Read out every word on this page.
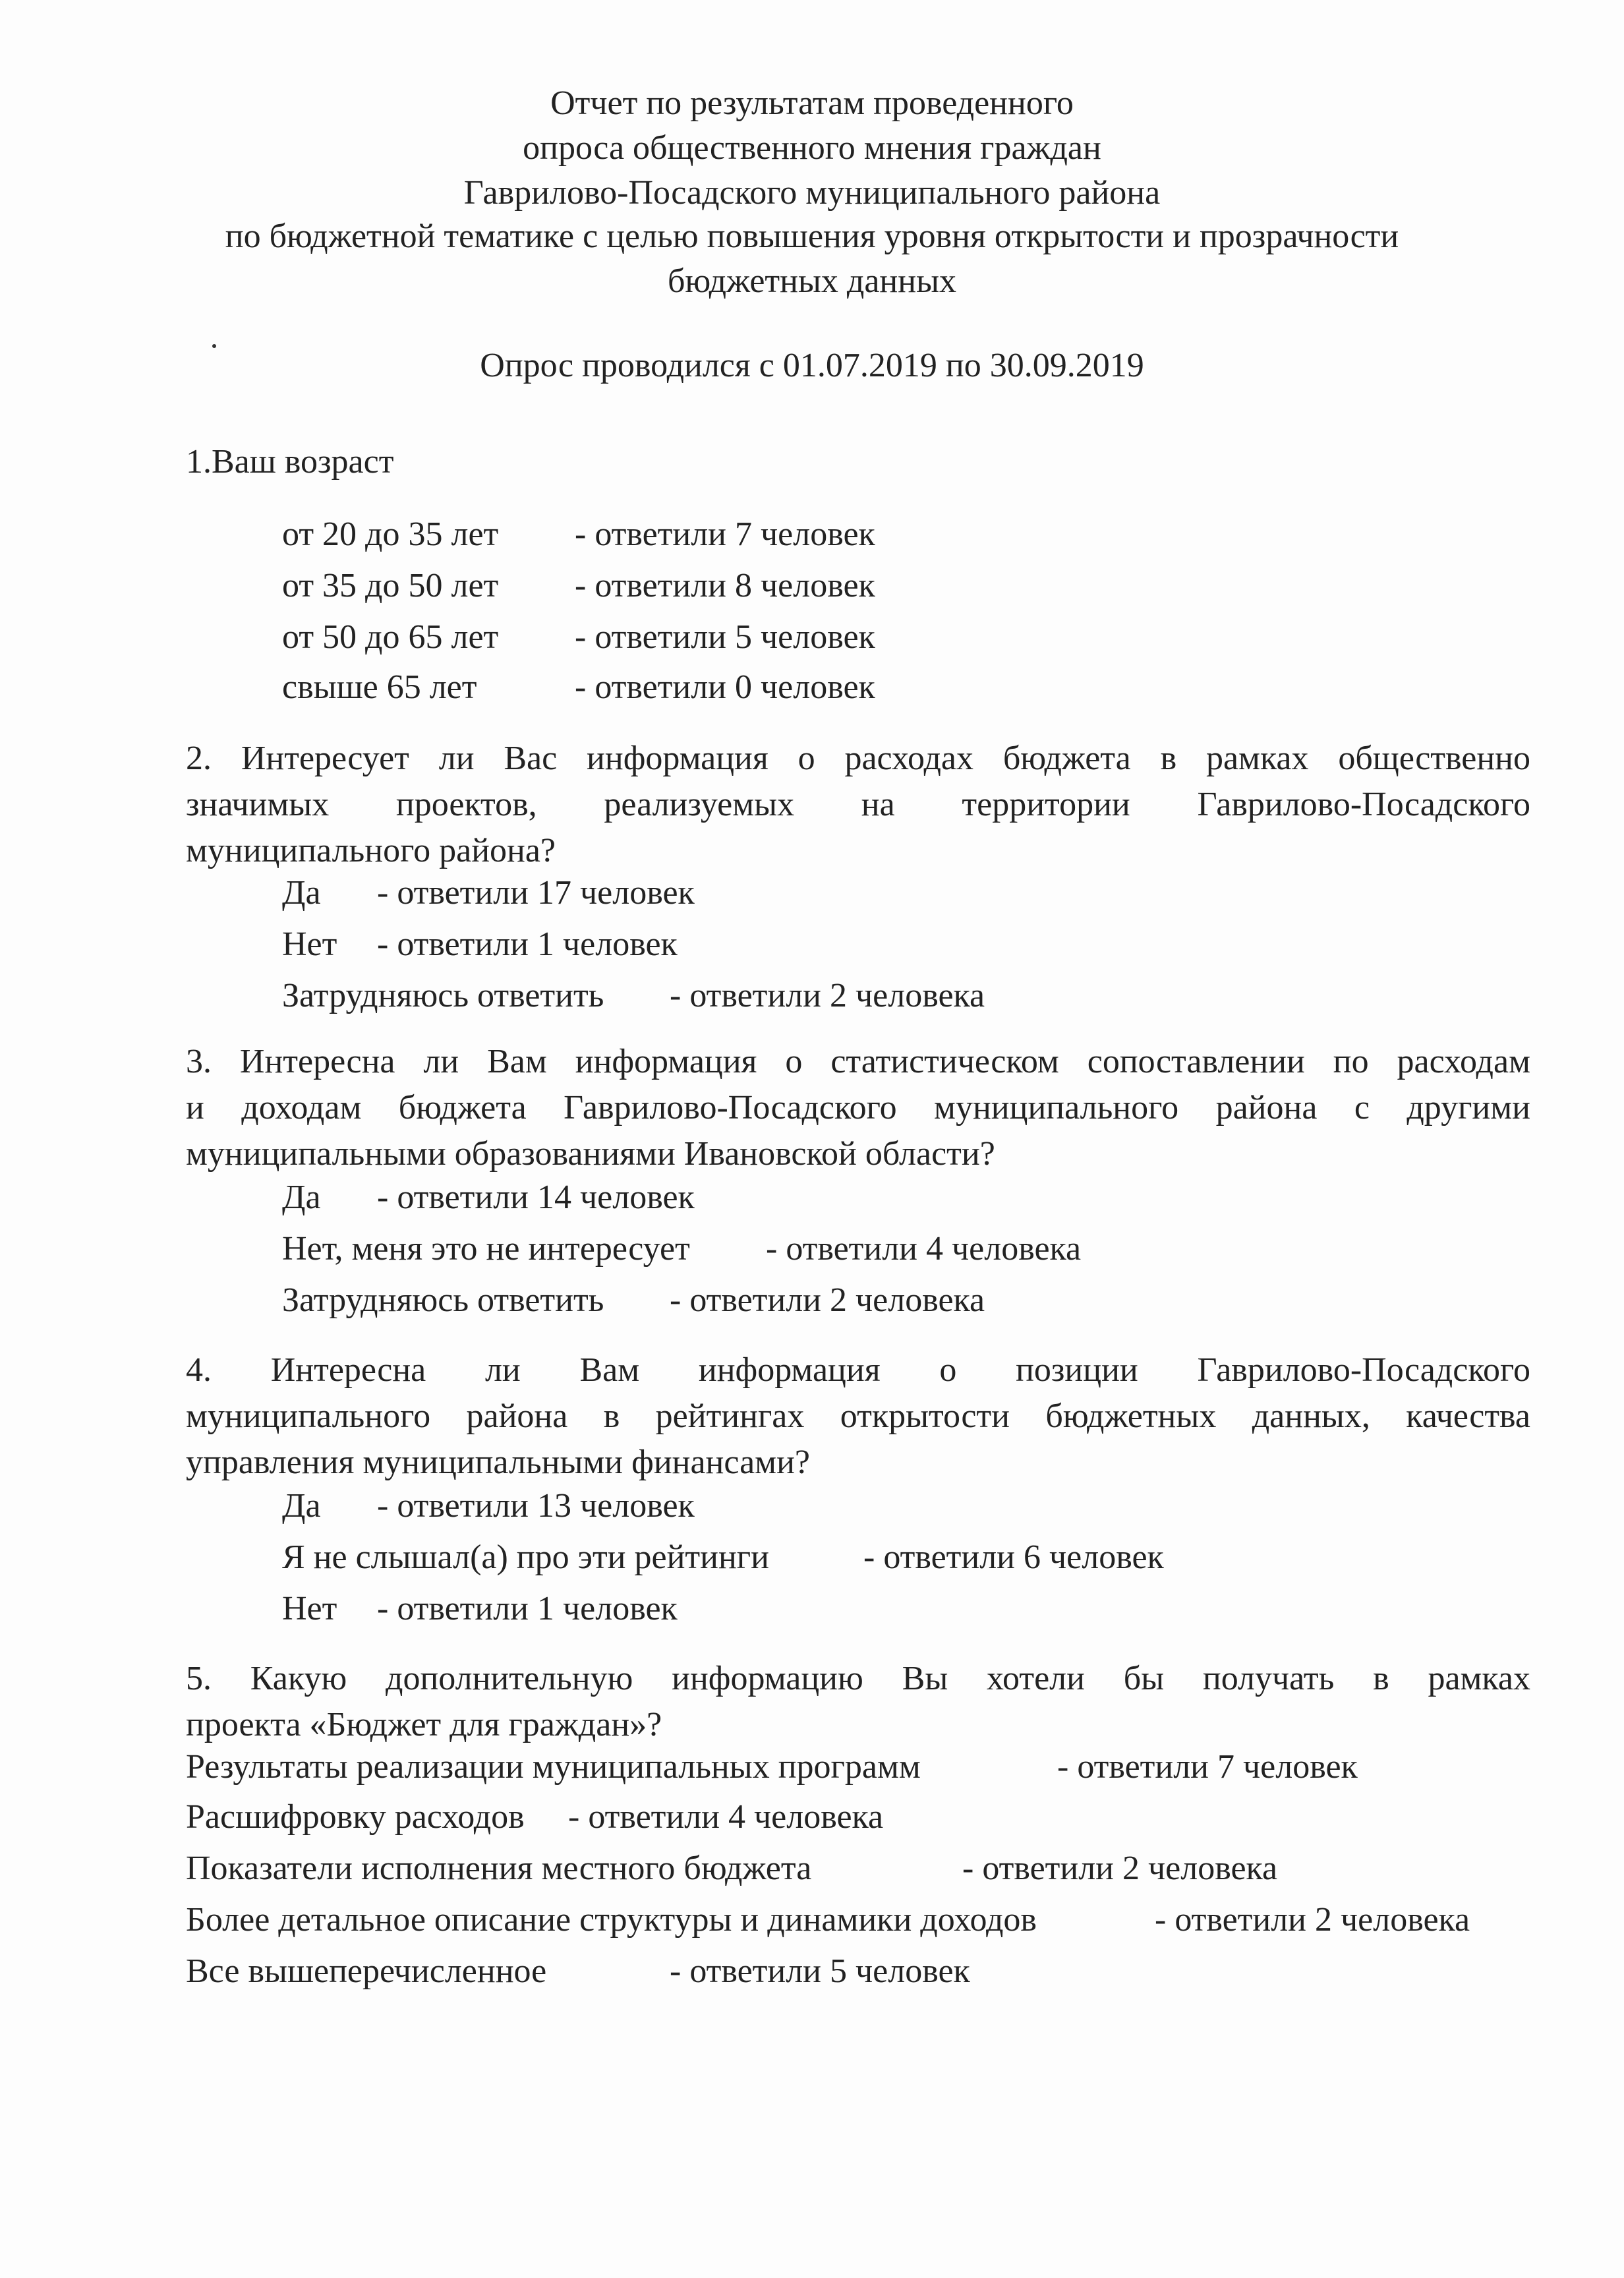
Отчет по результатам проведенного
опроса общественного мнения граждан
Гаврилово-Посадского муниципального района
по бюджетной тематике с целью повышения уровня открытости и прозрачности
бюджетных данных
Опрос проводился с 01.07.2019 по 30.09.2019
1.Ваш возраст
от 20 до 35 лет - ответили 7 человек
от 35 до 50 лет - ответили 8 человек
от 50 до 65 лет - ответили 5 человек
свыше 65 лет	- ответили 0 человек
2. Интересует ли Вас информация о расходах бюджета в рамках общественно
значимых проектов, реализуемых на территории Гаврилово-Посадского
муниципального района?
Да - ответили 17 человек
Нет - ответили 1 человек
Затрудняюсь ответить - ответили 2 человека
3. Интересна ли Вам информация о статистическом сопоставлении по расходам
и доходам бюджета Гаврилово-Посадского муниципального района с другими
муниципальными образованиями Ивановской области?
Да - ответили 14 человек
Нет, меня это не интересует - ответили 4 человека
Затрудняюсь ответить - ответили 2 человека
4. Интересна ли Вам информация о позиции Гаврилово-Посадского
муниципального района в рейтингах открытости бюджетных данных, качества
управления муниципальными финансами?
Да - ответили 13 человек
Я не слышал(а) про эти рейтинги	- ответили 6 человек
Нет - ответили 1 человек
5. Какую дополнительную информацию Вы хотели бы получать в рамках
проекта «Бюджет для граждан»?
Результаты реализации муниципальных программ	- ответили 7 человек
Расшифровку расходов - ответили 4 человека
Показатели исполнения местного бюджета	- ответили 2 человека
Более детальное описание структуры и динамики доходов	- ответили 2 человека
Все вышеперечисленное	- ответили 5 человек
